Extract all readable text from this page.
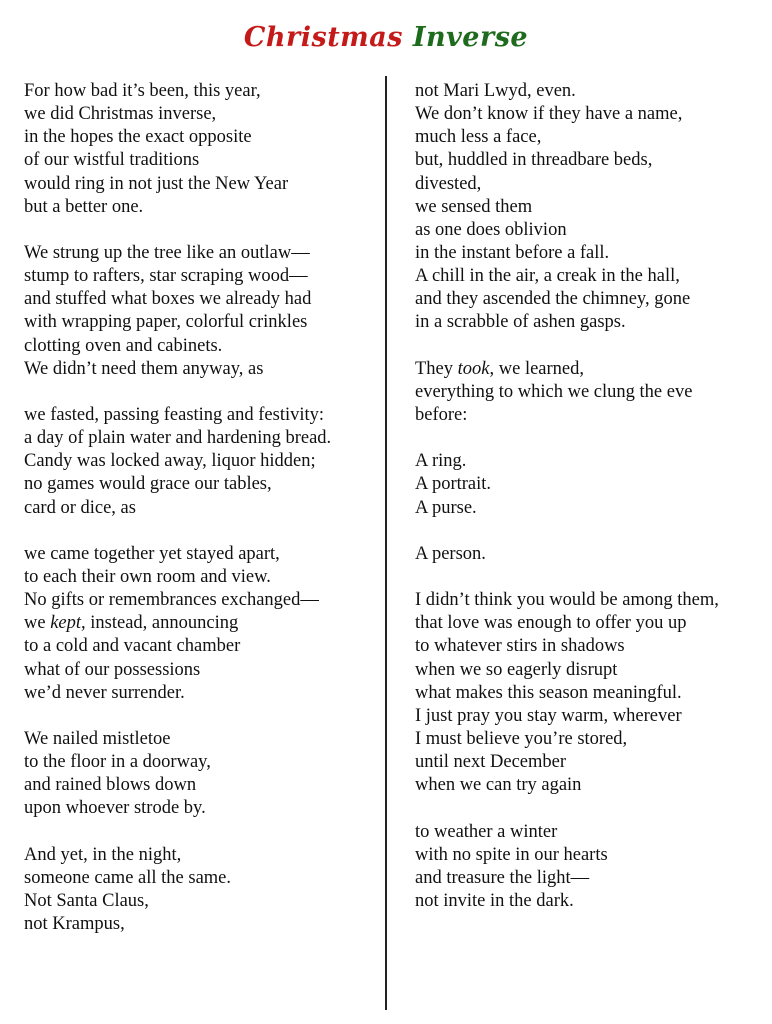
Christmas Inverse
For how bad it’s been, this year,
we did Christmas inverse,
in the hopes the exact opposite
of our wistful traditions
would ring in not just the New Year
but a better one.
We strung up the tree like an outlaw—
stump to rafters, star scraping wood—
and stuffed what boxes we already had
with wrapping paper, colorful crinkles
clotting oven and cabinets.
We didn’t need them anyway, as
we fasted, passing feasting and festivity:
a day of plain water and hardening bread.
Candy was locked away, liquor hidden;
no games would grace our tables,
card or dice, as
we came together yet stayed apart,
to each their own room and view.
No gifts or remembrances exchanged—
we kept, instead, announcing
to a cold and vacant chamber
what of our possessions
we’d never surrender.
We nailed mistletoe
to the floor in a doorway,
and rained blows down
upon whoever strode by.
And yet, in the night,
someone came all the same.
Not Santa Claus,
not Krampus,
not Mari Lwyd, even.
We don’t know if they have a name,
much less a face,
but, huddled in threadbare beds,
divested,
we sensed them
as one does oblivion
in the instant before a fall.
A chill in the air, a creak in the hall,
and they ascended the chimney, gone
in a scrabble of ashen gasps.
They took, we learned,
everything to which we clung the eve
before:
A ring.
A portrait.
A purse.
A person.
I didn’t think you would be among them,
that love was enough to offer you up
to whatever stirs in shadows
when we so eagerly disrupt
what makes this season meaningful.
I just pray you stay warm, wherever
I must believe you’re stored,
until next December
when we can try again
to weather a winter
with no spite in our hearts
and treasure the light—
not invite in the dark.
